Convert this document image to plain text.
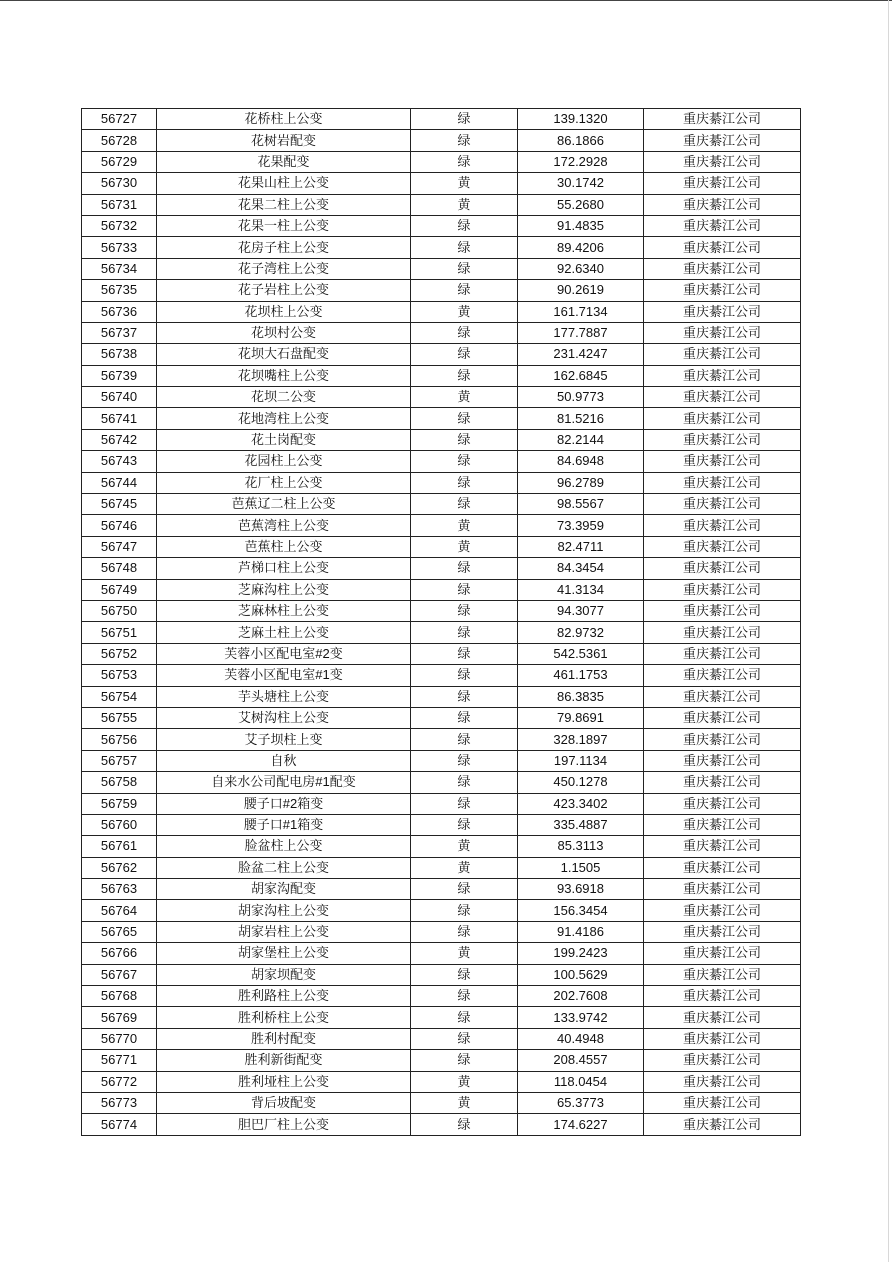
56727	花桥柱上公变	绿	139.1320	重庆綦江公司
56728	花树岩配变	绿	86.1866	重庆綦江公司
56729	花果配变	绿	172.2928	重庆綦江公司
56730	花果山柱上公变	黄	30.1742	重庆綦江公司
56731	花果二柱上公变	黄	55.2680	重庆綦江公司
56732	花果一柱上公变	绿	91.4835	重庆綦江公司
56733	花房子柱上公变	绿	89.4206	重庆綦江公司
56734	花子湾柱上公变	绿	92.6340	重庆綦江公司
56735	花子岩柱上公变	绿	90.2619	重庆綦江公司
56736	花坝柱上公变	黄	161.7134	重庆綦江公司
56737	花坝村公变	绿	177.7887	重庆綦江公司
56738	花坝大石盘配变	绿	231.4247	重庆綦江公司
56739	花坝嘴柱上公变	绿	162.6845	重庆綦江公司
56740	花坝二公变	黄	50.9773	重庆綦江公司
56741	花地湾柱上公变	绿	81.5216	重庆綦江公司
56742	花土岗配变	绿	82.2144	重庆綦江公司
56743	花园柱上公变	绿	84.6948	重庆綦江公司
56744	花厂柱上公变	绿	96.2789	重庆綦江公司
56745	芭蕉辽二柱上公变	绿	98.5567	重庆綦江公司
56746	芭蕉湾柱上公变	黄	73.3959	重庆綦江公司
56747	芭蕉柱上公变	黄	82.4711	重庆綦江公司
56748	芦梯口柱上公变	绿	84.3454	重庆綦江公司
56749	芝麻沟柱上公变	绿	41.3134	重庆綦江公司
56750	芝麻林柱上公变	绿	94.3077	重庆綦江公司
56751	芝麻土柱上公变	绿	82.9732	重庆綦江公司
56752	芙蓉小区配电室#2变	绿	542.5361	重庆綦江公司
56753	芙蓉小区配电室#1变	绿	461.1753	重庆綦江公司
56754	芋头塘柱上公变	绿	86.3835	重庆綦江公司
56755	艾树沟柱上公变	绿	79.8691	重庆綦江公司
56756	艾子坝柱上变	绿	328.1897	重庆綦江公司
56757	自秋	绿	197.1134	重庆綦江公司
56758	自来水公司配电房#1配变	绿	450.1278	重庆綦江公司
56759	腰子口#2箱变	绿	423.3402	重庆綦江公司
56760	腰子口#1箱变	绿	335.4887	重庆綦江公司
56761	脸盆柱上公变	黄	85.3113	重庆綦江公司
56762	脸盆二柱上公变	黄	1.1505	重庆綦江公司
56763	胡家沟配变	绿	93.6918	重庆綦江公司
56764	胡家沟柱上公变	绿	156.3454	重庆綦江公司
56765	胡家岩柱上公变	绿	91.4186	重庆綦江公司
56766	胡家堡柱上公变	黄	199.2423	重庆綦江公司
56767	胡家坝配变	绿	100.5629	重庆綦江公司
56768	胜利路柱上公变	绿	202.7608	重庆綦江公司
56769	胜利桥柱上公变	绿	133.9742	重庆綦江公司
56770	胜利村配变	绿	40.4948	重庆綦江公司
56771	胜利新街配变	绿	208.4557	重庆綦江公司
56772	胜利垭柱上公变	黄	118.0454	重庆綦江公司
56773	背后坡配变	黄	65.3773	重庆綦江公司
56774	胆巴厂柱上公变	绿	174.6227	重庆綦江公司
